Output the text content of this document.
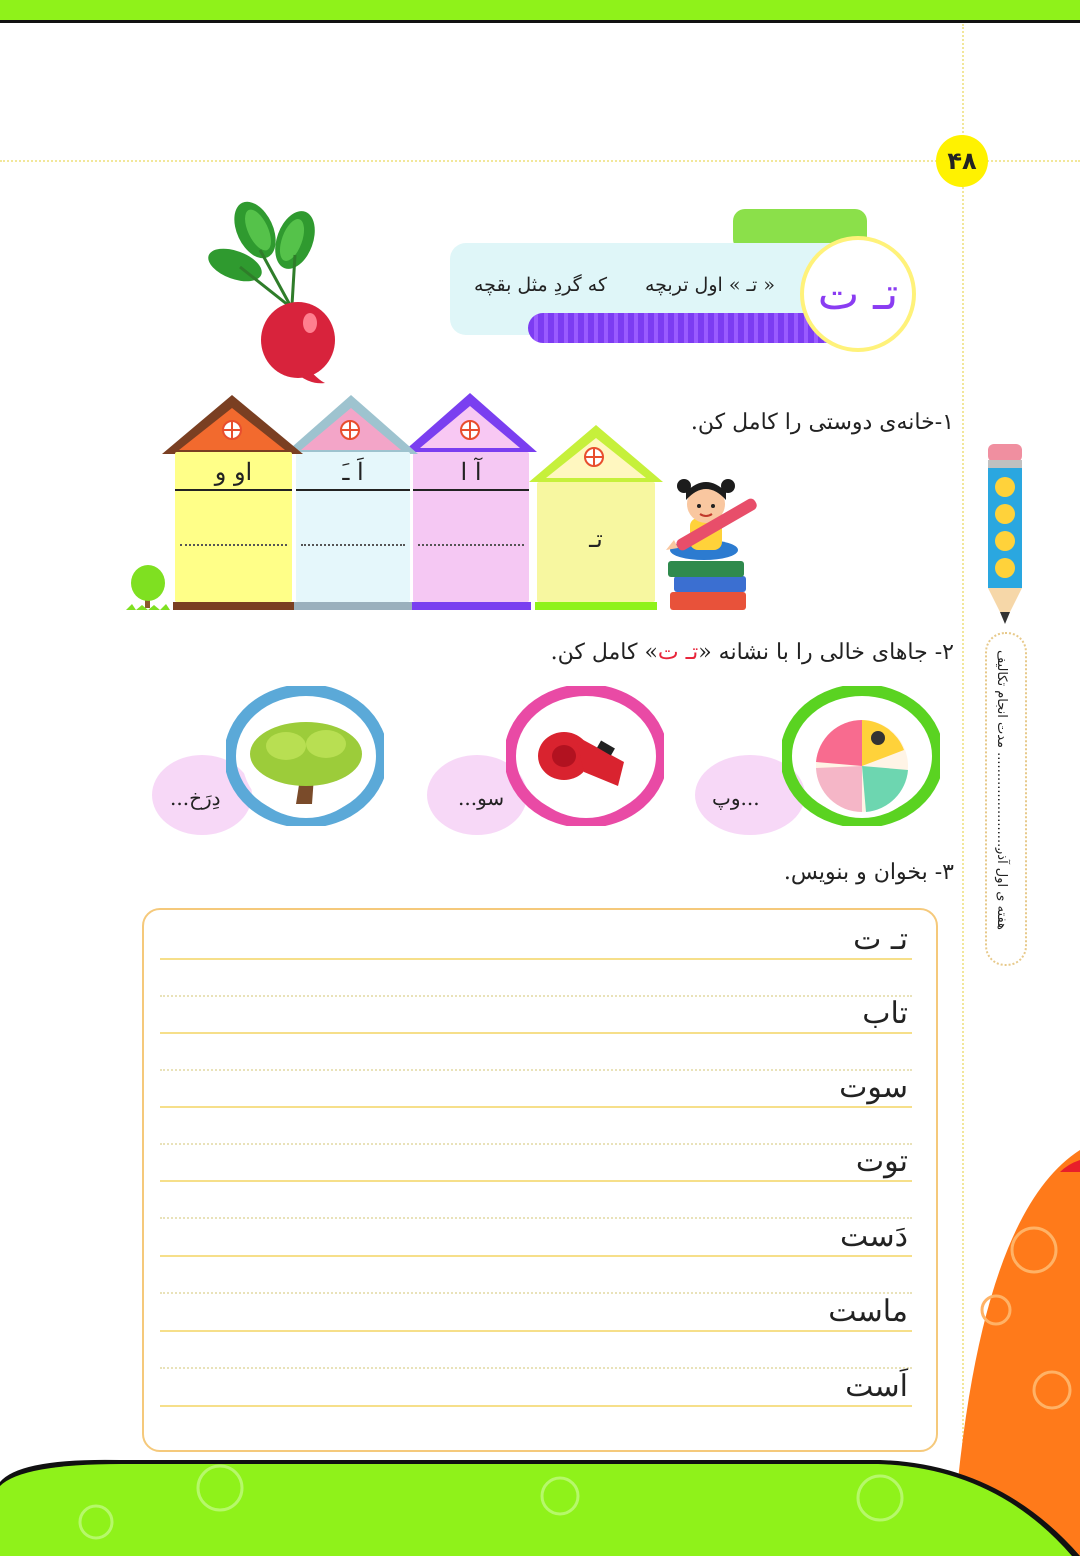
۴۸
« تـ » اول تربچه
که گردِ مثل بقچه	تـ ت
۱-خانه‌ی دوستی را کامل کن.
تـ
آ ا
اَ ـَ
او و
۲- جاهای خالی را با نشانه «تـ ت» کامل کن.
...وپ
سو...
دِرَخ...
۳- بخوان و بنویس.
تـ ت
تاب
سوت
توت
دَست
ماست
اَست
مدت انجام تکالیف ........................
هفته ی اول آذر
